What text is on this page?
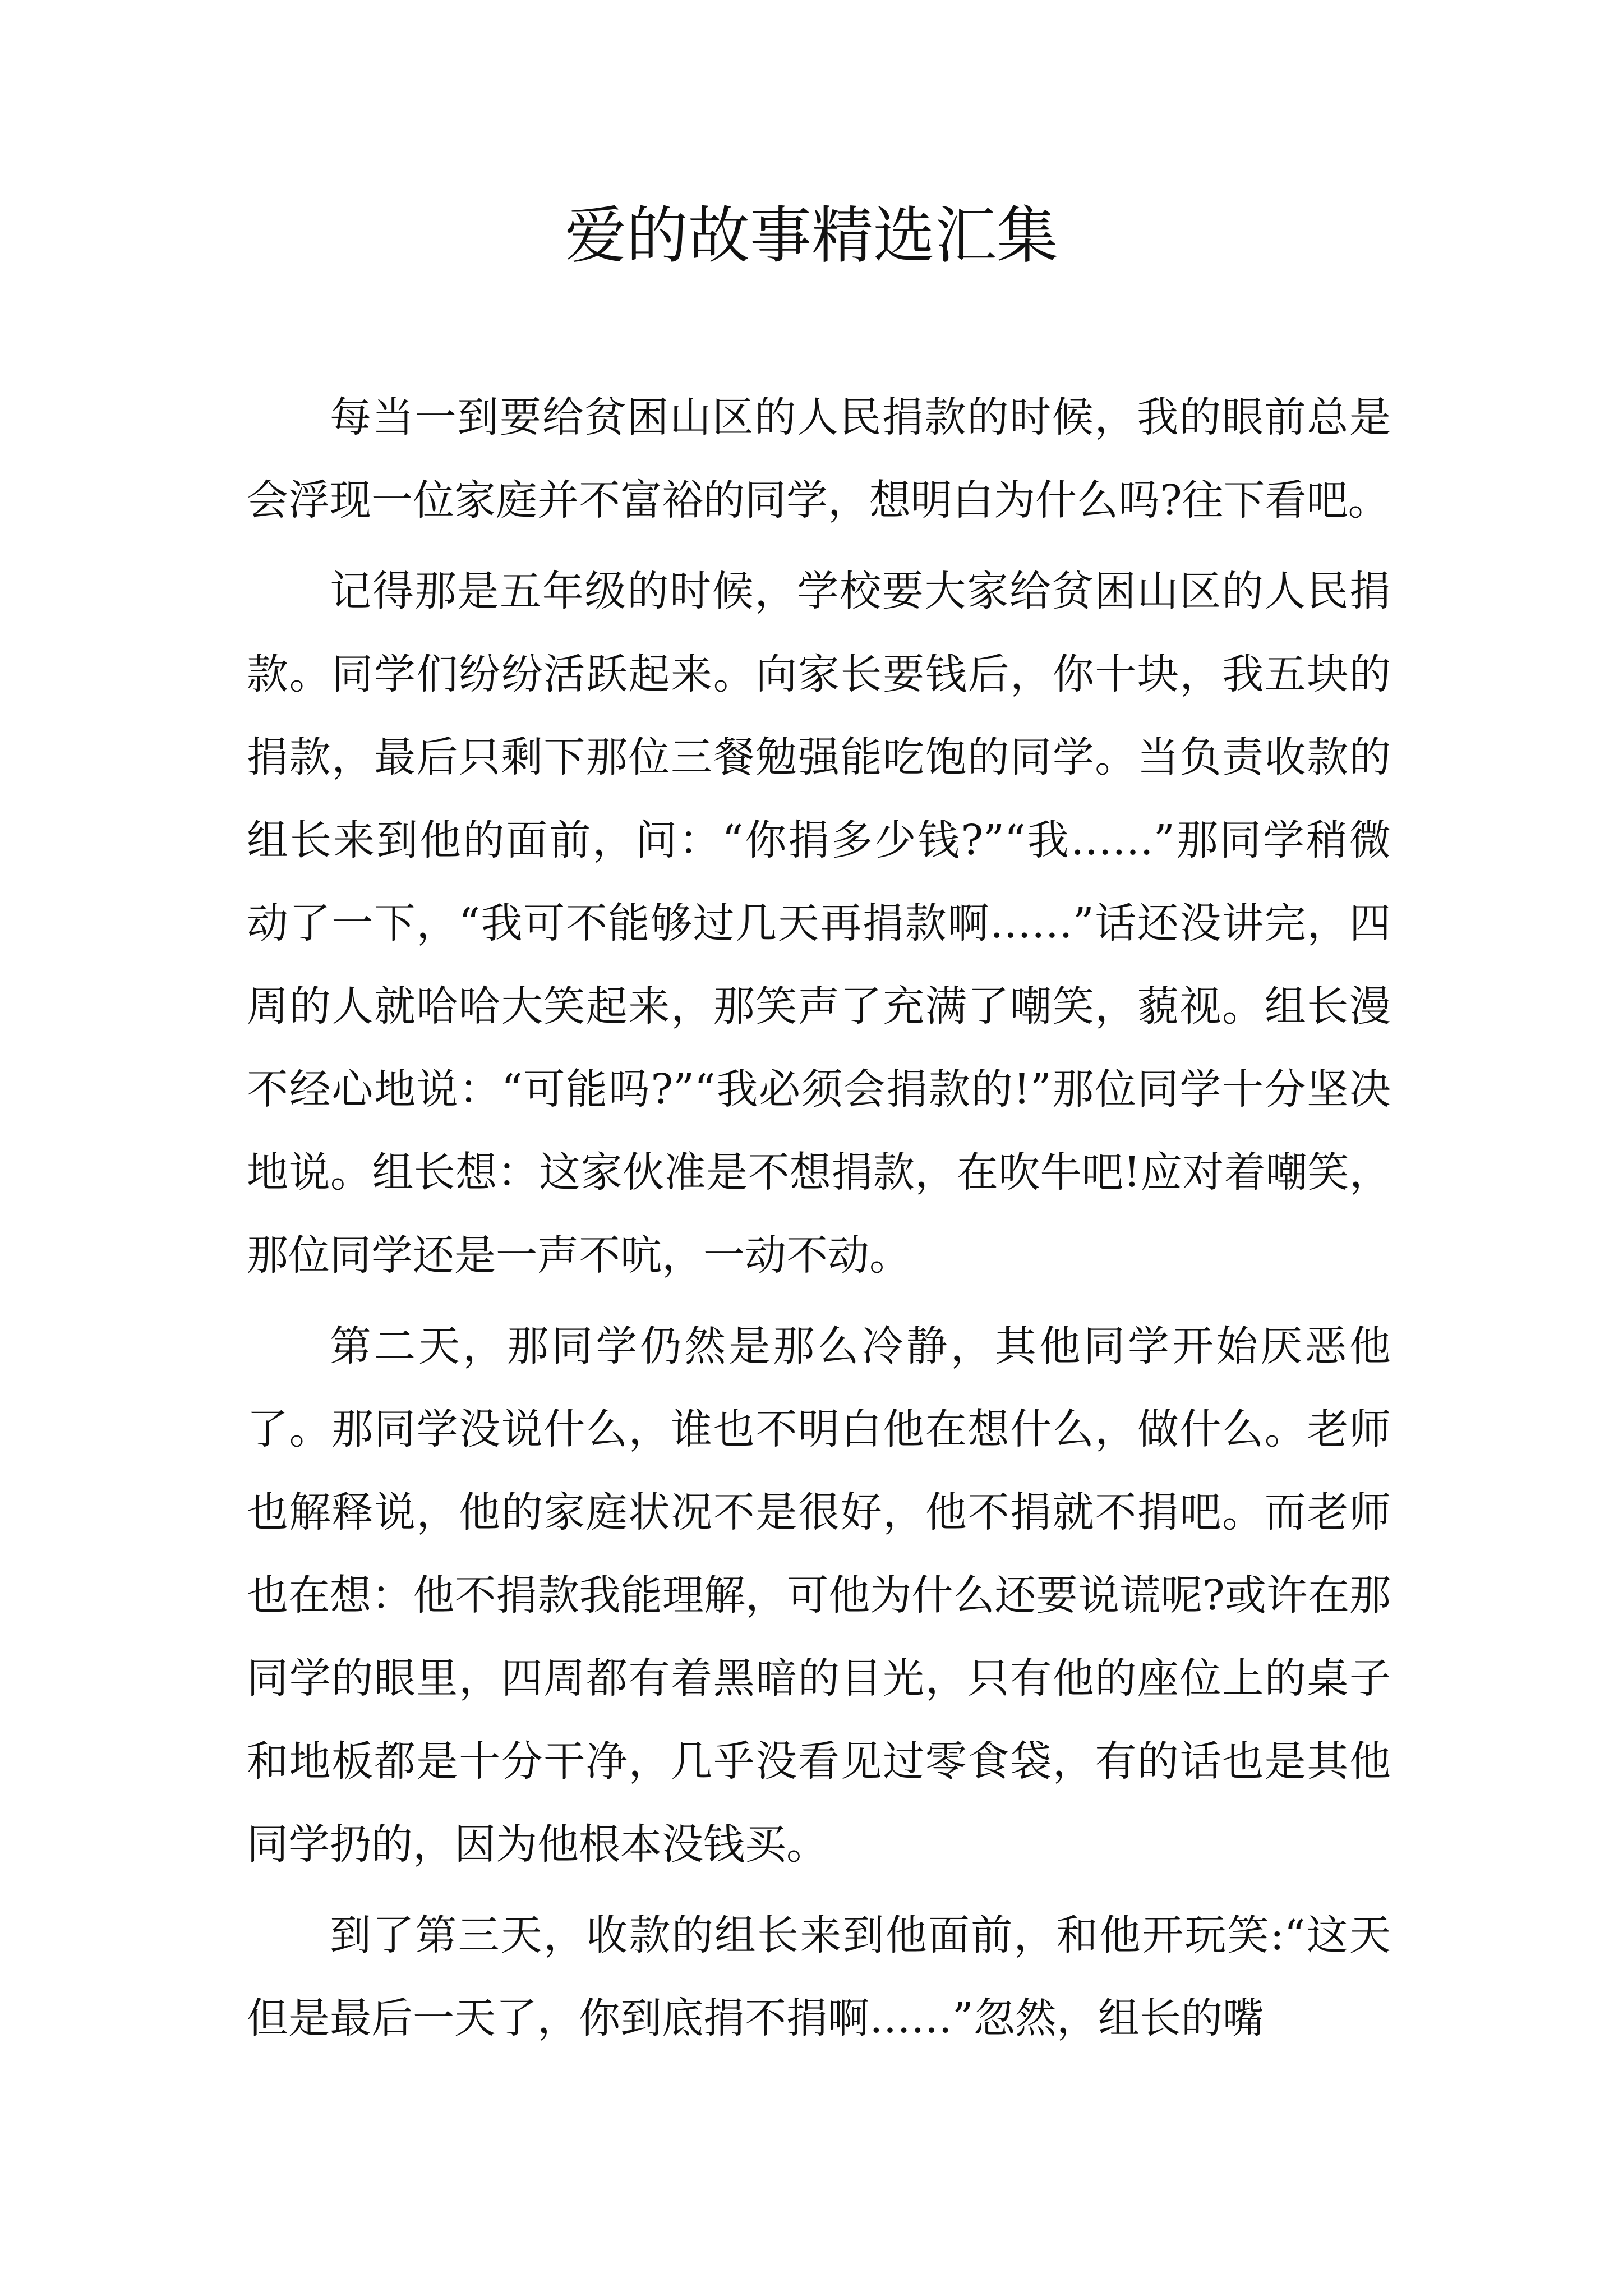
爱的故事精选汇集

每当一到要给贫困山区的人民捐款的时候，我的眼前总是会浮现一位家庭并不富裕的同学，想明白为什么吗?往下看吧。

记得那是五年级的时候，学校要大家给贫困山区的人民捐款。同学们纷纷活跃起来。向家长要钱后，你十块，我五块的捐款，最后只剩下那位三餐勉强能吃饱的同学。当负责收款的组长来到他的面前，问：“你捐多少钱?”“我……”那同学稍微动了一下，“我可不能够过几天再捐款啊……”话还没讲完，四周的人就哈哈大笑起来，那笑声了充满了嘲笑，藐视。组长漫不经心地说：“可能吗?”“我必须会捐款的!”那位同学十分坚决地说。组长想：这家伙准是不想捐款，在吹牛吧!应对着嘲笑，那位同学还是一声不吭，一动不动。

第二天，那同学仍然是那么冷静，其他同学开始厌恶他了。那同学没说什么，谁也不明白他在想什么，做什么。老师也解释说，他的家庭状况不是很好，他不捐就不捐吧。而老师也在想：他不捐款我能理解，可他为什么还要说谎呢?或许在那同学的眼里，四周都有着黑暗的目光，只有他的座位上的桌子和地板都是十分干净，几乎没看见过零食袋，有的话也是其他同学扔的，因为他根本没钱买。

到了第三天，收款的组长来到他面前，和他开玩笑:“这天但是最后一天了，你到底捐不捐啊……”忽然，组长的嘴
